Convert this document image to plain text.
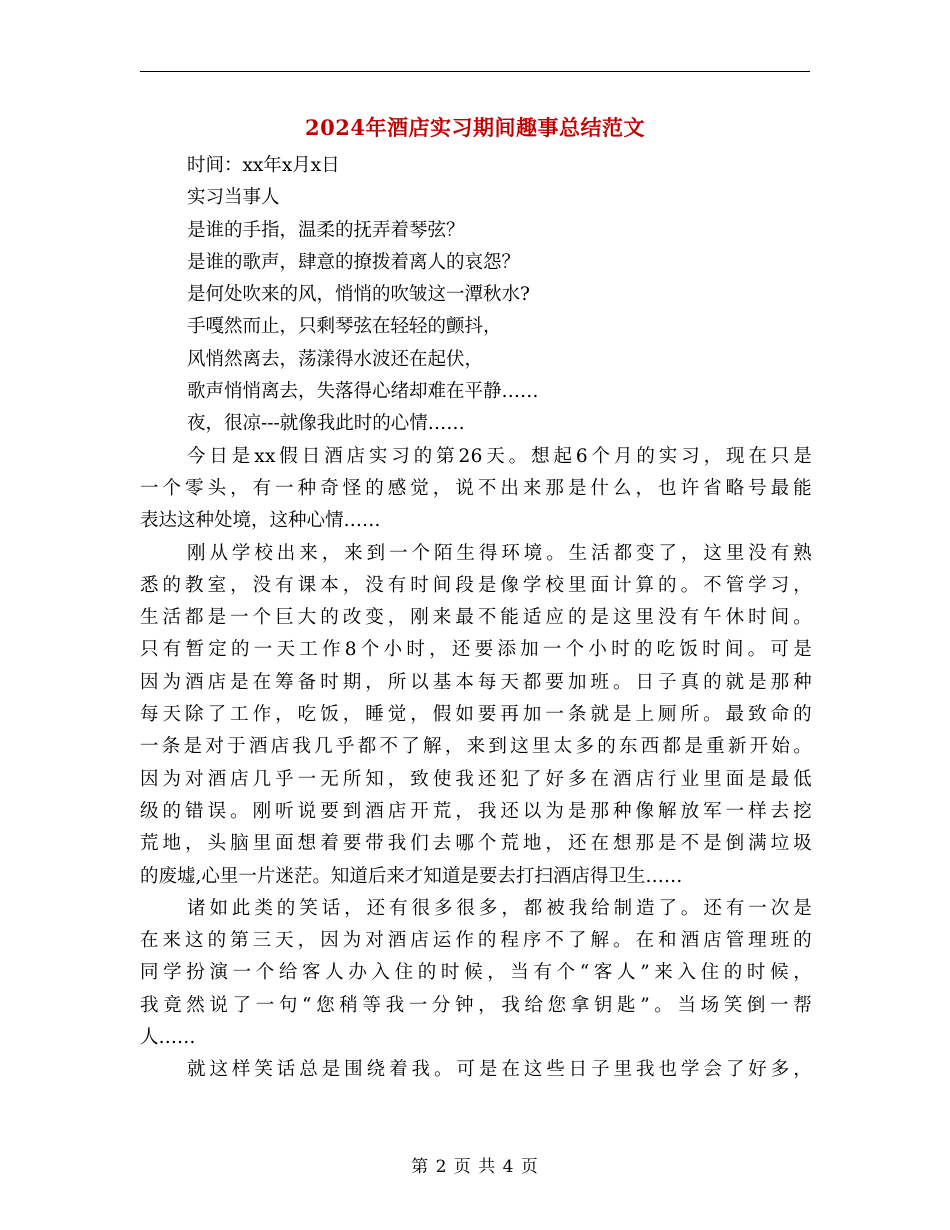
2024年酒店实习期间趣事总结范文
时间：xx年x月x日
实习当事人
是谁的手指，温柔的抚弄着琴弦？
是谁的歌声，肆意的撩拨着离人的哀怨？
是何处吹来的风，悄悄的吹皱这一潭秋水?
手嘎然而止，只剩琴弦在轻轻的颤抖，
风悄然离去，荡漾得水波还在起伏，
歌声悄悄离去，失落得心绪却难在平静……
夜，很凉---就像我此时的心情……
今日是xx假日酒店实习的第26天。想起6个月的实习，现在只是
一个零头，有一种奇怪的感觉，说不出来那是什么，也许省略号最能
表达这种处境，这种心情……
刚从学校出来，来到一个陌生得环境。生活都变了，这里没有熟
悉的教室，没有课本，没有时间段是像学校里面计算的。不管学习，
生活都是一个巨大的改变，刚来最不能适应的是这里没有午休时间。
只有暂定的一天工作8个小时，还要添加一个小时的吃饭时间。可是
因为酒店是在筹备时期，所以基本每天都要加班。日子真的就是那种
每天除了工作，吃饭，睡觉，假如要再加一条就是上厕所。最致命的
一条是对于酒店我几乎都不了解，来到这里太多的东西都是重新开始。
因为对酒店几乎一无所知，致使我还犯了好多在酒店行业里面是最低
级的错误。刚听说要到酒店开荒，我还以为是那种像解放军一样去挖
荒地，头脑里面想着要带我们去哪个荒地，还在想那是不是倒满垃圾
的废墟,心里一片迷茫。知道后来才知道是要去打扫酒店得卫生……
诸如此类的笑话，还有很多很多，都被我给制造了。还有一次是
在来这的第三天，因为对酒店运作的程序不了解。在和酒店管理班的
同学扮演一个给客人办入住的时候，当有个“客人”来入住的时候，
我竟然说了一句“您稍等我一分钟，我给您拿钥匙”。当场笑倒一帮
人……
就这样笑话总是围绕着我。可是在这些日子里我也学会了好多，
第 2 页 共 4 页
